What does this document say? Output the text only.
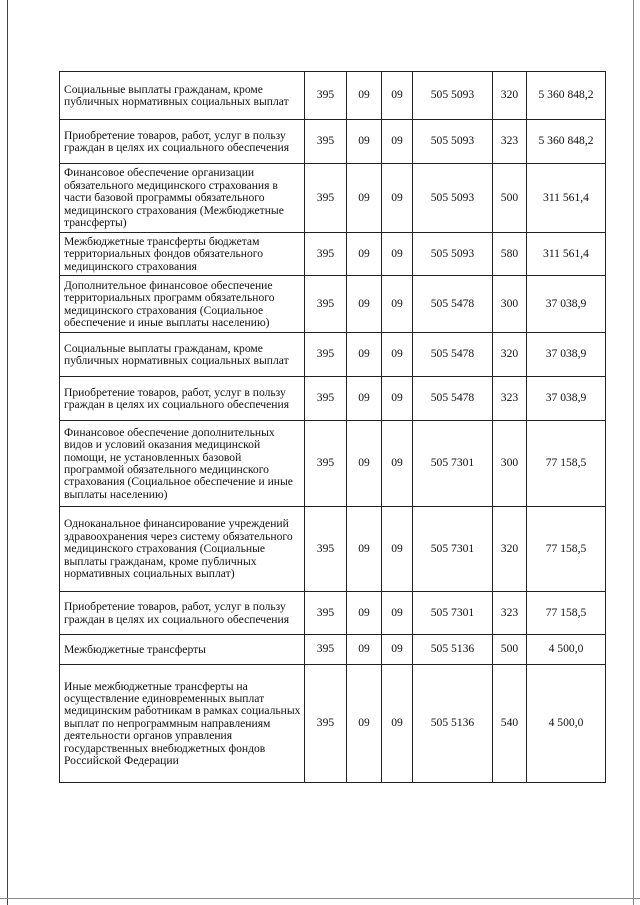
Социальные выплаты гражданам, кроме публичных нормативных социальных выплат	395	09	09	505 5093	320	5 360 848,2
Приобретение товаров, работ, услуг в пользу граждан в целях их социального обеспечения	395	09	09	505 5093	323	5 360 848,2
Финансовое обеспечение организации обязательного медицинского страхования в части базовой программы обязательного медицинского страхования (Межбюджетные трансферты)	395	09	09	505 5093	500	311 561,4
Межбюджетные трансферты бюджетам территориальных фондов обязательного медицинского страхования	395	09	09	505 5093	580	311 561,4
Дополнительное финансовое обеспечение территориальных программ обязательного медицинского страхования (Социальное обеспечение и иные выплаты населению)	395	09	09	505 5478	300	37 038,9
Социальные выплаты гражданам, кроме публичных нормативных социальных выплат	395	09	09	505 5478	320	37 038,9
Приобретение товаров, работ, услуг в пользу граждан в целях их социального обеспечения	395	09	09	505 5478	323	37 038,9
Финансовое обеспечение дополнительных видов и условий оказания медицинской помощи, не установленных базовой программой обязательного медицинского страхования (Социальное обеспечение и иные выплаты населению)	395	09	09	505 7301	300	77 158,5
Одноканальное финансирование учреждений здравоохранения через систему обязательного медицинского страхования (Социальные выплаты гражданам, кроме публичных нормативных социальных выплат)	395	09	09	505 7301	320	77 158,5
Приобретение товаров, работ, услуг в пользу граждан в целях их социального обеспечения	395	09	09	505 7301	323	77 158,5
Межбюджетные трансферты	395	09	09	505 5136	500	4 500,0
Иные межбюджетные трансферты на осуществление единовременных выплат медицинским работникам в рамках социальных выплат по непрограммным направлениям деятельности органов управления государственных внебюджетных фондов Российской Федерации	395	09	09	505 5136	540	4 500,0
